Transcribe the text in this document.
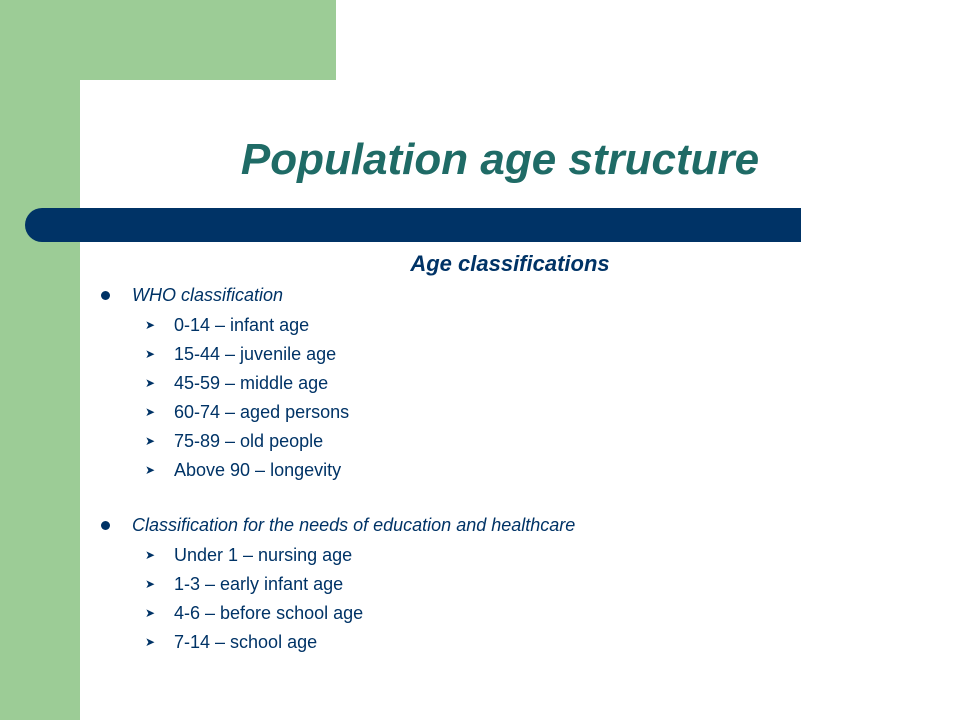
Population age structure
Age classifications
WHO classification
➤ 0-14 – infant age
➤ 15-44 – juvenile age
➤ 45-59 – middle age
➤ 60-74 – aged persons
➤ 75-89 – old people
➤ Above 90 – longevity
Classification for the needs of education and healthcare
➤ Under 1 – nursing age
➤ 1-3 – early infant age
➤ 4-6 – before school age
➤ 7-14 – school age
